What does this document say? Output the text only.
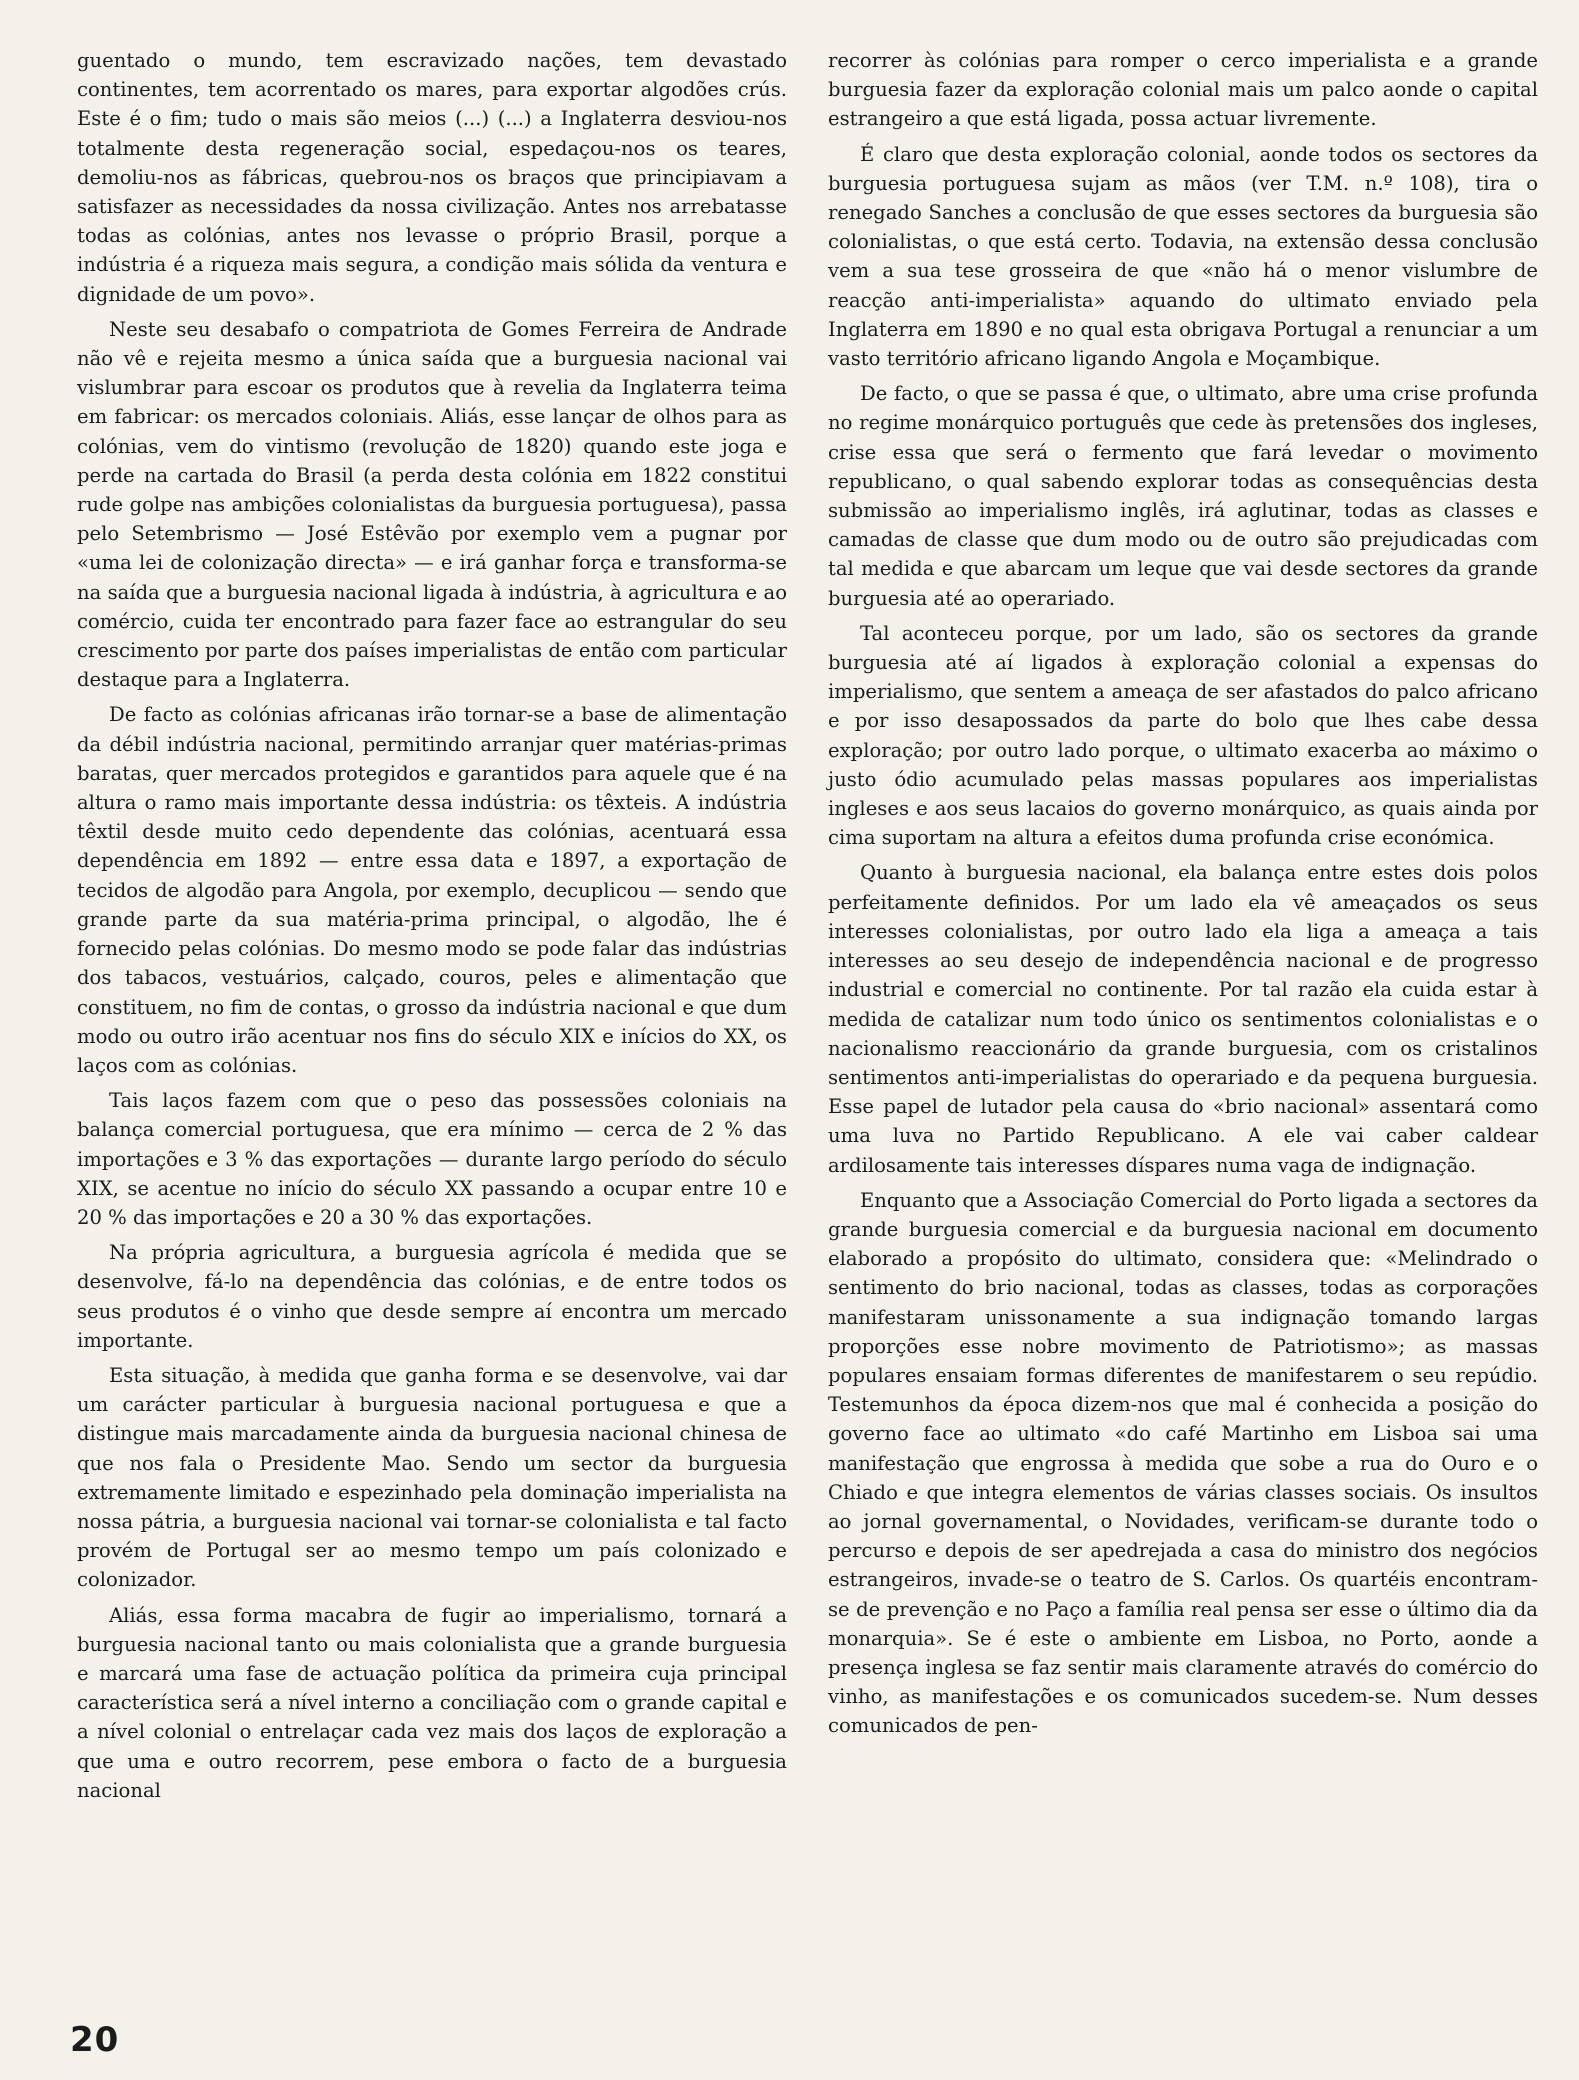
guentado o mundo, tem escravizado nações, tem devastado continentes, tem acorrentado os mares, para exportar algodões crús. Este é o fim; tudo o mais são meios (...) (...) a Inglaterra desviou-nos totalmente desta regeneração social, espedaçou-nos os teares, demoliu-nos as fábricas, quebrou-nos os braços que principiavam a satisfazer as necessidades da nossa civilização. Antes nos arrebatasse todas as colónias, antes nos levasse o próprio Brasil, porque a indústria é a riqueza mais segura, a condição mais sólida da ventura e dignidade de um povo».

Neste seu desabafo o compatriota de Gomes Ferreira de Andrade não vê e rejeita mesmo a única saída que a burguesia nacional vai vislumbrar para escoar os produtos que à revelia da Inglaterra teima em fabricar: os mercados coloniais. Aliás, esse lançar de olhos para as colónias, vem do vintismo (revolução de 1820) quando este joga e perde na cartada do Brasil (a perda desta colónia em 1822 constitui rude golpe nas ambições colonialistas da burguesia portuguesa), passa pelo Setembrismo — José Estêvão por exemplo vem a pugnar por «uma lei de colonização directa» — e irá ganhar força e transforma-se na saída que a burguesia nacional ligada à indústria, à agricultura e ao comércio, cuida ter encontrado para fazer face ao estrangular do seu crescimento por parte dos países imperialistas de então com particular destaque para a Inglaterra.

De facto as colónias africanas irão tornar-se a base de alimentação da débil indústria nacional, permitindo arranjar quer matérias-primas baratas, quer mercados protegidos e garantidos para aquele que é na altura o ramo mais importante dessa indústria: os têxteis. A indústria têxtil desde muito cedo dependente das colónias, acentuará essa dependência em 1892 — entre essa data e 1897, a exportação de tecidos de algodão para Angola, por exemplo, decuplicou — sendo que grande parte da sua matéria-prima principal, o algodão, lhe é fornecido pelas colónias. Do mesmo modo se pode falar das indústrias dos tabacos, vestuários, calçado, couros, peles e alimentação que constituem, no fim de contas, o grosso da indústria nacional e que dum modo ou outro irão acentuar nos fins do século XIX e inícios do XX, os laços com as colónias.

Tais laços fazem com que o peso das possessões coloniais na balança comercial portuguesa, que era mínimo — cerca de 2 % das importações e 3 % das exportações — durante largo período do século XIX, se acentue no início do século XX passando a ocupar entre 10 e 20 % das importações e 20 a 30 % das exportações.

Na própria agricultura, a burguesia agrícola é medida que se desenvolve, fá-lo na dependência das colónias, e de entre todos os seus produtos é o vinho que desde sempre aí encontra um mercado importante.

Esta situação, à medida que ganha forma e se desenvolve, vai dar um carácter particular à burguesia nacional portuguesa e que a distingue mais marcadamente ainda da burguesia nacional chinesa de que nos fala o Presidente Mao. Sendo um sector da burguesia extremamente limitado e espezinhado pela dominação imperialista na nossa pátria, a burguesia nacional vai tornar-se colonialista e tal facto provém de Portugal ser ao mesmo tempo um país colonizado e colonizador.

Aliás, essa forma macabra de fugir ao imperialismo, tornará a burguesia nacional tanto ou mais colonialista que a grande burguesia e marcará uma fase de actuação política da primeira cuja principal característica será a nível interno a conciliação com o grande capital e a nível colonial o entrelaçar cada vez mais dos laços de exploração a que uma e outro recorrem, pese embora o facto de a burguesia nacional

recorrer às colónias para romper o cerco imperialista e a grande burguesia fazer da exploração colonial mais um palco aonde o capital estrangeiro a que está ligada, possa actuar livremente.

É claro que desta exploração colonial, aonde todos os sectores da burguesia portuguesa sujam as mãos (ver T.M. n.º 108), tira o renegado Sanches a conclusão de que esses sectores da burguesia são colonialistas, o que está certo. Todavia, na extensão dessa conclusão vem a sua tese grosseira de que «não há o menor vislumbre de reacção anti-imperialista» aquando do ultimato enviado pela Inglaterra em 1890 e no qual esta obrigava Portugal a renunciar a um vasto território africano ligando Angola e Moçambique.

De facto, o que se passa é que, o ultimato, abre uma crise profunda no regime monárquico português que cede às pretensões dos ingleses, crise essa que será o fermento que fará levedar o movimento republicano, o qual sabendo explorar todas as consequências desta submissão ao imperialismo inglês, irá aglutinar, todas as classes e camadas de classe que dum modo ou de outro são prejudicadas com tal medida e que abarcam um leque que vai desde sectores da grande burguesia até ao operariado.

Tal aconteceu porque, por um lado, são os sectores da grande burguesia até aí ligados à exploração colonial a expensas do imperialismo, que sentem a ameaça de ser afastados do palco africano e por isso desapossados da parte do bolo que lhes cabe dessa exploração; por outro lado porque, o ultimato exacerba ao máximo o justo ódio acumulado pelas massas populares aos imperialistas ingleses e aos seus lacaios do governo monárquico, as quais ainda por cima suportam na altura a efeitos duma profunda crise económica.

Quanto à burguesia nacional, ela balança entre estes dois polos perfeitamente definidos. Por um lado ela vê ameaçados os seus interesses colonialistas, por outro lado ela liga a ameaça a tais interesses ao seu desejo de independência nacional e de progresso industrial e comercial no continente. Por tal razão ela cuida estar à medida de catalizar num todo único os sentimentos colonialistas e o nacionalismo reaccionário da grande burguesia, com os cristalinos sentimentos anti-imperialistas do operariado e da pequena burguesia. Esse papel de lutador pela causa do «brio nacional» assentará como uma luva no Partido Republicano. A ele vai caber caldear ardilosamente tais interesses díspares numa vaga de indignação.

Enquanto que a Associação Comercial do Porto ligada a sectores da grande burguesia comercial e da burguesia nacional em documento elaborado a propósito do ultimato, considera que: «Melindrado o sentimento do brio nacional, todas as classes, todas as corporações manifestaram unissonamente a sua indignação tomando largas proporções esse nobre movimento de Patriotismo»; as massas populares ensaiam formas diferentes de manifestarem o seu repúdio. Testemunhos da época dizem-nos que mal é conhecida a posição do governo face ao ultimato «do café Martinho em Lisboa sai uma manifestação que engrossa à medida que sobe a rua do Ouro e o Chiado e que integra elementos de várias classes sociais. Os insultos ao jornal governamental, o Novidades, verificam-se durante todo o percurso e depois de ser apedrejada a casa do ministro dos negócios estrangeiros, invade-se o teatro de S. Carlos. Os quartéis encontram-se de prevenção e no Paço a família real pensa ser esse o último dia da monarquia». Se é este o ambiente em Lisboa, no Porto, aonde a presença inglesa se faz sentir mais claramente através do comércio do vinho, as manifestações e os comunicados sucedem-se. Num desses comunicados de pen-

20
